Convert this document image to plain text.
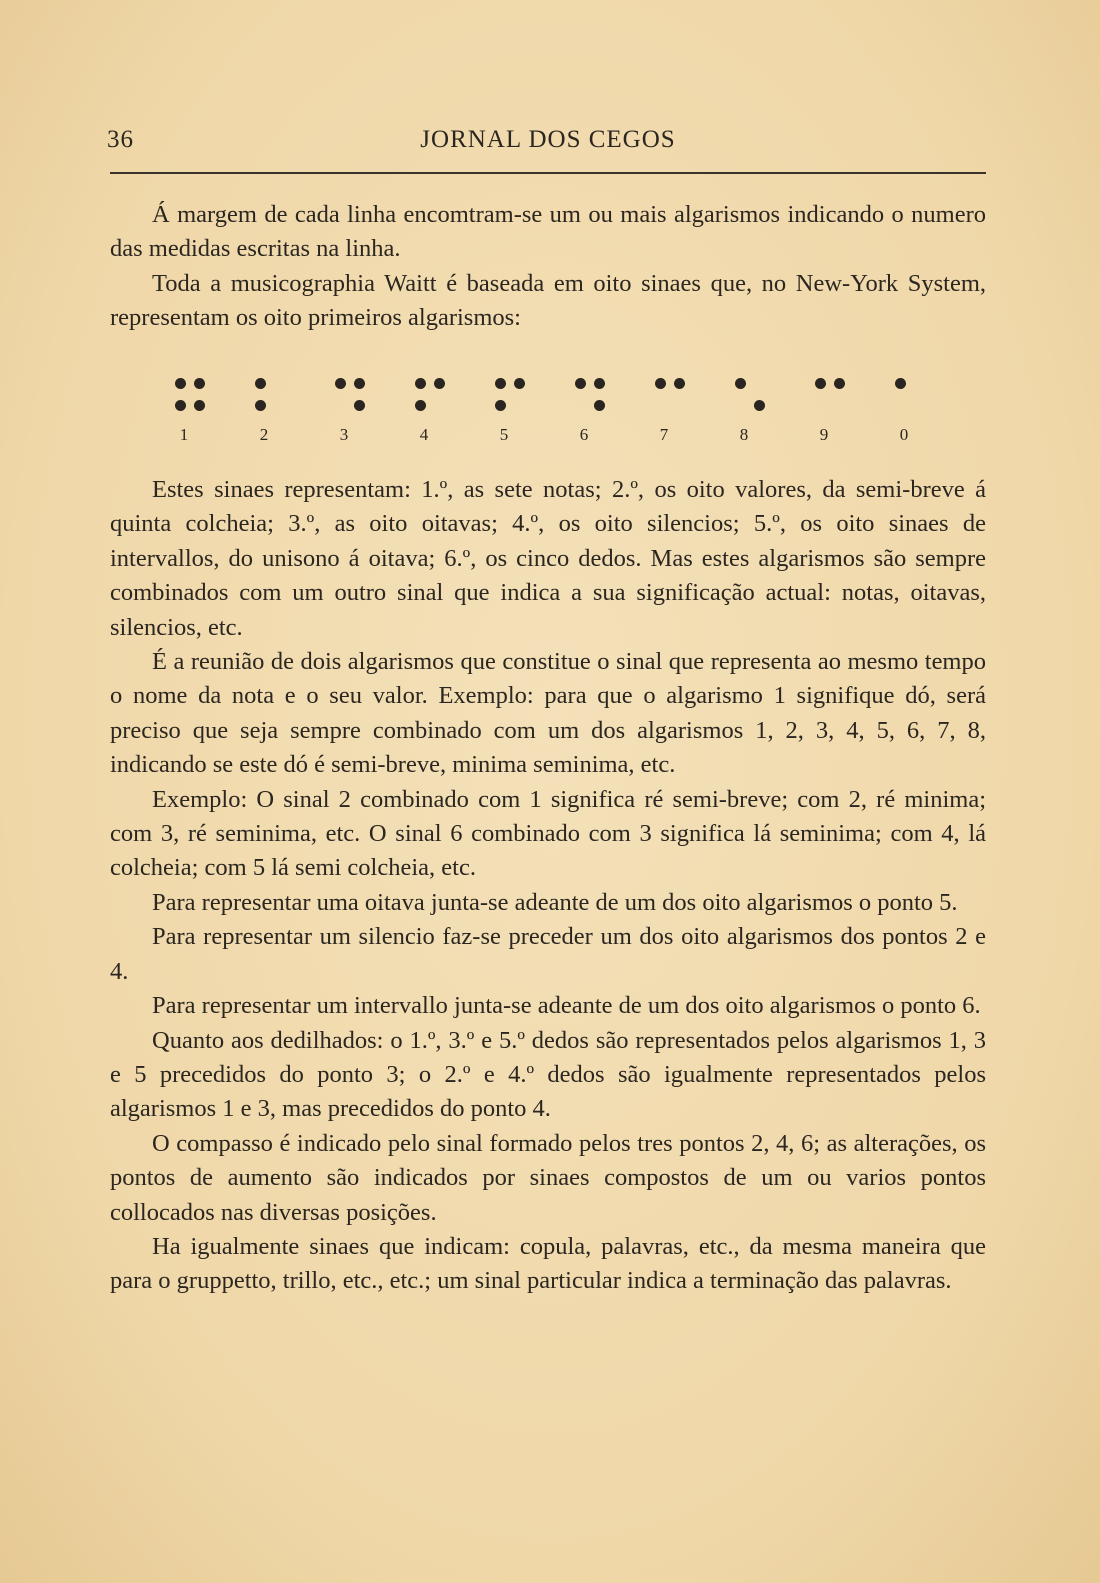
36	JORNAL DOS CEGOS

Á margem de cada linha encomtram-se um ou mais algarismos indicando o numero das medidas escritas na linha.

Toda a musicographia Waitt é baseada em oito sinaes que, no New-York System, representam os oito primeiros algarismos:

1	2	3	4	5	6	7	8	9	0

Estes sinaes representam: 1.º, as sete notas; 2.º, os oito valores, da semi-breve á quinta colcheia; 3.º, as oito oitavas; 4.º, os oito silencios; 5.º, os oito sinaes de intervallos, do unisono á oitava; 6.º, os cinco dedos. Mas estes algarismos são sempre combinados com um outro sinal que indica a sua significação actual: notas, oitavas, silencios, etc.

É a reunião de dois algarismos que constitue o sinal que representa ao mesmo tempo o nome da nota e o seu valor. Exemplo: para que o algarismo 1 signifique dó, será preciso que seja sempre combinado com um dos algarismos 1, 2, 3, 4, 5, 6, 7, 8, indicando se este dó é semi-breve, minima seminima, etc.

Exemplo: O sinal 2 combinado com 1 significa ré semi-breve; com 2, ré minima; com 3, ré seminima, etc. O sinal 6 combinado com 3 significa lá seminima; com 4, lá colcheia; com 5 lá semi colcheia, etc.

Para representar uma oitava junta-se adeante de um dos oito algarismos o ponto 5.

Para representar um silencio faz-se preceder um dos oito algarismos dos pontos 2 e 4.

Para representar um intervallo junta-se adeante de um dos oito algarismos o ponto 6.

Quanto aos dedilhados: o 1.º, 3.º e 5.º dedos são representados pelos algarismos 1, 3 e 5 precedidos do ponto 3; o 2.º e 4.º dedos são igualmente representados pelos algarismos 1 e 3, mas precedidos do ponto 4.

O compasso é indicado pelo sinal formado pelos tres pontos 2, 4, 6; as alterações, os pontos de aumento são indicados por sinaes compostos de um ou varios pontos collocados nas diversas posições.

Ha igualmente sinaes que indicam: copula, palavras, etc., da mesma maneira que para o gruppetto, trillo, etc., etc.; um sinal particular indica a terminação das palavras.
